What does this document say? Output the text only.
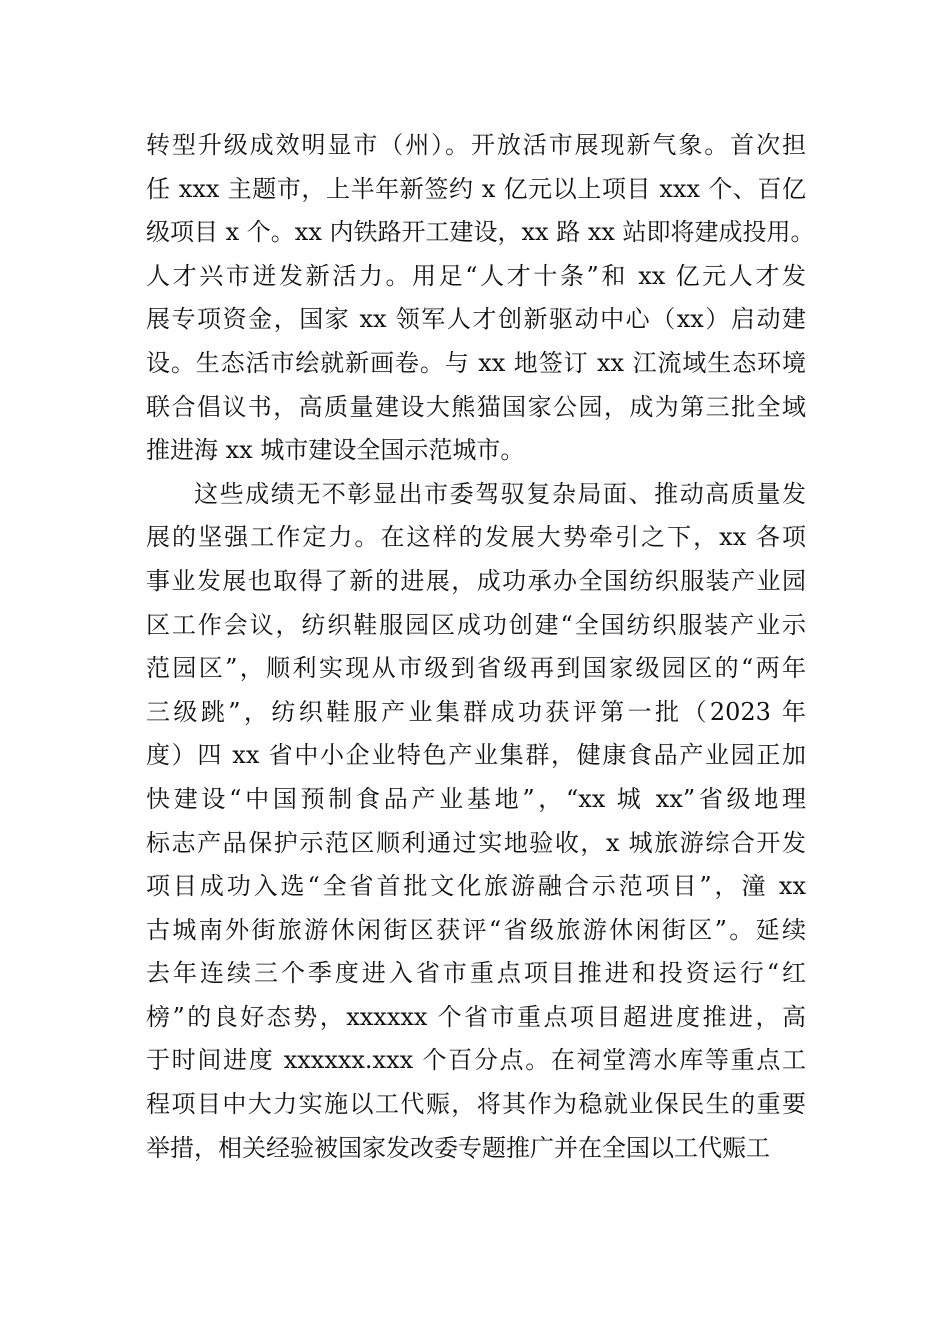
转型升级成效明显市（州）。开放活市展现新气象。首次担
任 xxx 主题市，上半年新签约 x 亿元以上项目 xxx 个、百亿
级项目 x 个。xx 内铁路开工建设，xx 路 xx 站即将建成投用。
人才兴市迸发新活力。用足“人才十条”和 xx 亿元人才发
展专项资金，国家 xx 领军人才创新驱动中心（xx）启动建
设。生态活市绘就新画卷。与 xx 地签订 xx 江流域生态环境
联合倡议书，高质量建设大熊猫国家公园，成为第三批全域
推进海 xx 城市建设全国示范城市。
这些成绩无不彰显出市委驾驭复杂局面、推动高质量发
展的坚强工作定力。在这样的发展大势牵引之下，xx 各项
事业发展也取得了新的进展，成功承办全国纺织服装产业园
区工作会议，纺织鞋服园区成功创建“全国纺织服装产业示
范园区”，顺利实现从市级到省级再到国家级园区的“两年
三级跳”，纺织鞋服产业集群成功获评第一批（2023 年
度）四 xx 省中小企业特色产业集群，健康食品产业园正加
快建设“中国预制食品产业基地”，“xx 城 xx”省级地理
标志产品保护示范区顺利通过实地验收，x 城旅游综合开发
项目成功入选“全省首批文化旅游融合示范项目”，潼 xx
古城南外街旅游休闲街区获评“省级旅游休闲街区”。延续
去年连续三个季度进入省市重点项目推进和投资运行“红
榜”的良好态势，xxxxxx 个省市重点项目超进度推进，高
于时间进度 xxxxxx.xxx 个百分点。在祠堂湾水库等重点工
程项目中大力实施以工代赈，将其作为稳就业保民生的重要
举措，相关经验被国家发改委专题推广并在全国以工代赈工
